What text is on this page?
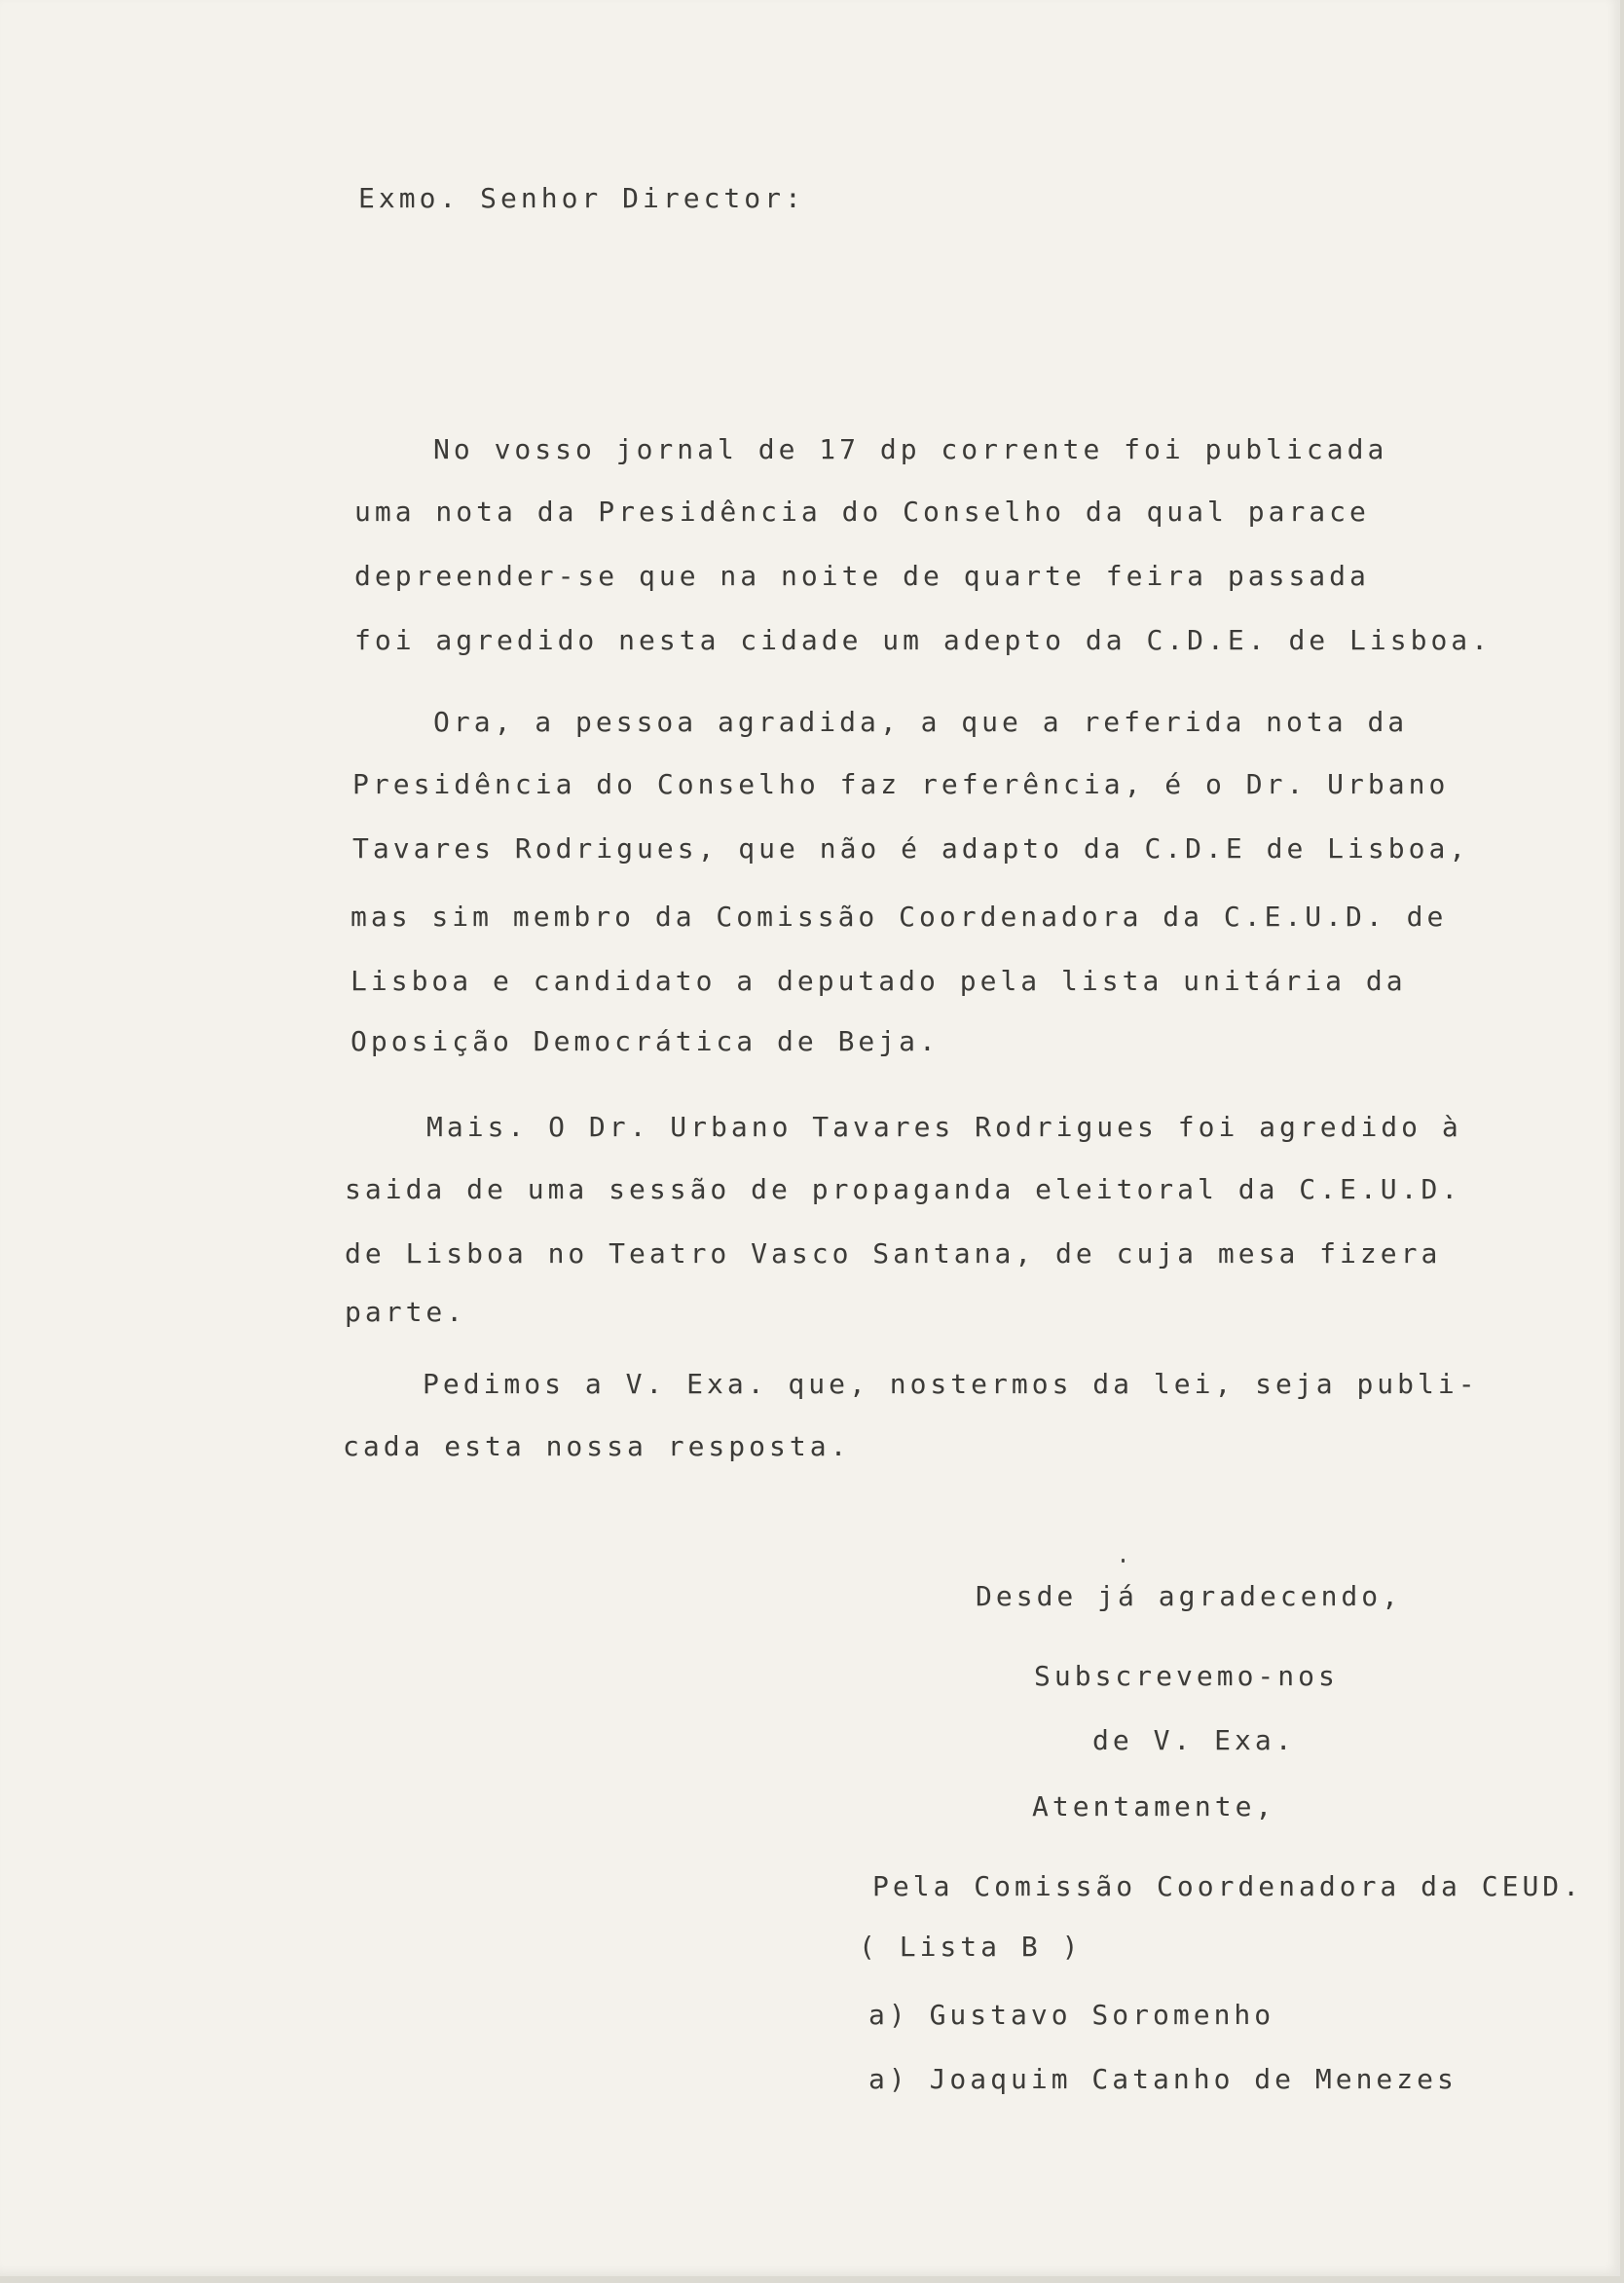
Exmo. Senhor Director:
No vosso jornal de 17 dp corrente foi publicada
uma nota da Presidência do Conselho da qual parace
depreender-se que na noite de quarte feira passada
foi agredido nesta cidade um adepto da C.D.E. de Lisboa.
Ora, a pessoa agradida, a que a referida nota da
Presidência do Conselho faz referência, é o Dr. Urbano
Tavares Rodrigues, que não é adapto da C.D.E de Lisboa,
mas sim membro da Comissão Coordenadora da C.E.U.D. de
Lisboa e candidato a deputado pela lista unitária da
Oposição Democrática de Beja.
Mais. O Dr. Urbano Tavares Rodrigues foi agredido à
saida de uma sessão de propaganda eleitoral da C.E.U.D.
de Lisboa no Teatro Vasco Santana, de cuja mesa fizera
parte.
Pedimos a V. Exa. que, nostermos da lei, seja publi-
cada esta nossa resposta.
Desde já agradecendo,
Subscrevemo-nos
de V. Exa.
Atentamente,
Pela Comissão Coordenadora da CEUD.
( Lista B )
a) Gustavo Soromenho
a) Joaquim Catanho de Menezes
